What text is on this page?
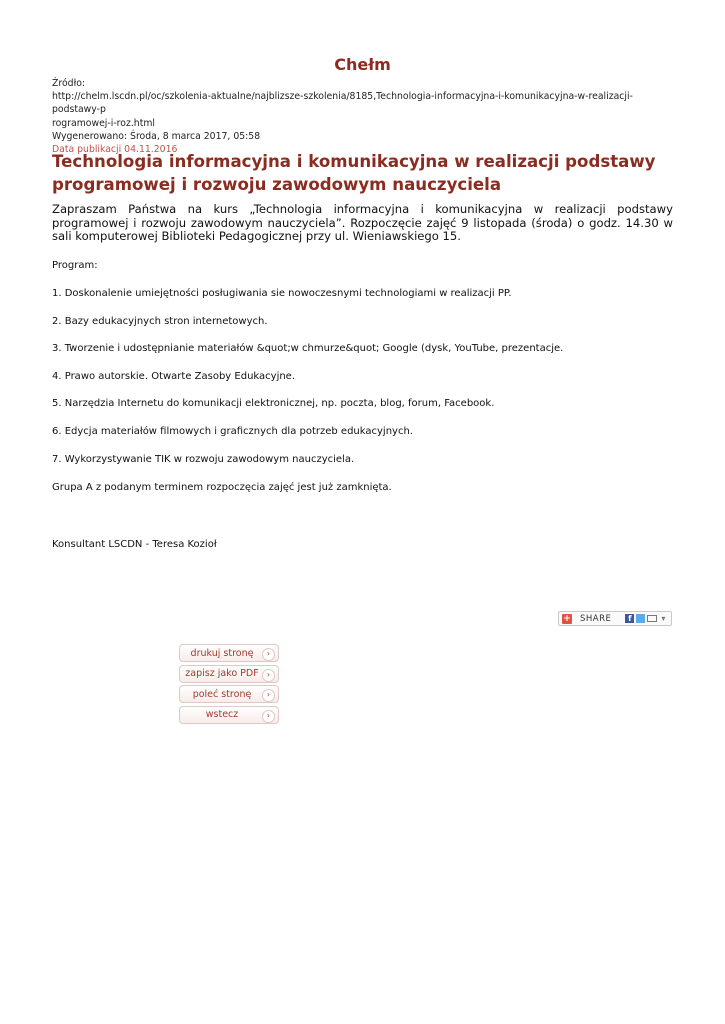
Chełm
Źródło:
http://chelm.lscdn.pl/oc/szkolenia-aktualne/najblizsze-szkolenia/8185,Technologia-informacyjna-i-komunikacyjna-w-realizacji-podstawy-p
rogramowej-i-roz.html
Wygenerowano: Środa, 8 marca 2017, 05:58
Data publikacji 04.11.2016
Technologia informacyjna i komunikacyjna w realizacji podstawy programowej i rozwoju zawodowym nauczyciela

Zapraszam Państwa na kurs „Technologia informacyjna i komunikacyjna w realizacji podstawy programowej i rozwoju zawodowym nauczyciela”. Rozpoczęcie zajęć 9 listopada (środa) o godz. 14.30 w sali komputerowej Biblioteki Pedagogicznej przy ul. Wieniawskiego 15.

Program:

1. Doskonalenie umiejętności posługiwania sie nowoczesnymi technologiami w realizacji PP.
2. Bazy edukacyjnych stron internetowych.
3. Tworzenie i udostępnianie materiałów &quot;w chmurze&quot; Google (dysk, YouTube, prezentacje.
4. Prawo autorskie. Otwarte Zasoby Edukacyjne.
5. Narzędzia Internetu do komunikacji elektronicznej, np. poczta, blog, forum, Facebook.
6. Edycja materiałów filmowych i graficznych dla potrzeb edukacyjnych.
7. Wykorzystywanie TIK w rozwoju zawodowym nauczyciela.

Grupa A z podanym terminem rozpoczęcia zajęć jest już zamknięta.

Konsultant LSCDN - Teresa Kozioł

+ SHARE	f	▾
drukuj stronę	›
zapisz jako PDF	›
poleć stronę	›
wstecz	›
